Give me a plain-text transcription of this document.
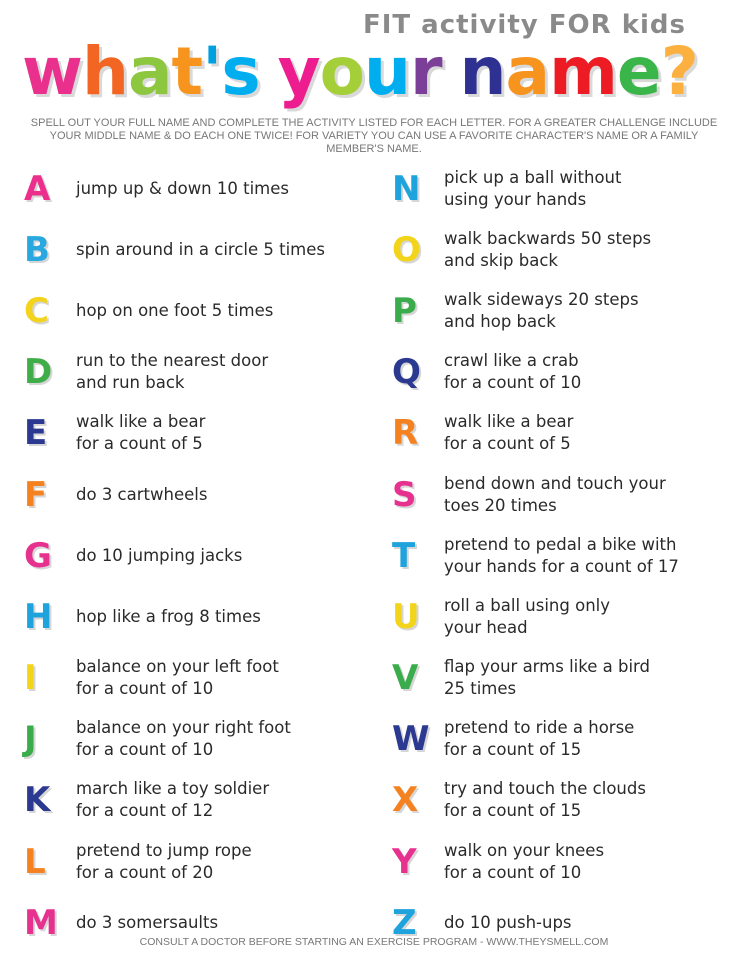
FIT activity FOR kids
what's your name?
SPELL OUT YOUR FULL NAME AND COMPLETE THE ACTIVITY LISTED FOR EACH LETTER. FOR A GREATER CHALLENGE INCLUDE YOUR MIDDLE NAME & DO EACH ONE TWICE! FOR VARIETY YOU CAN USE A FAVORITE CHARACTER'S NAME OR A FAMILY MEMBER'S NAME.
A	jump up & down 10 times
B	spin around in a circle 5 times
C	hop on one foot 5 times
D	run to the nearest door
and run back
E	walk like a bear
for a count of 5
F	do 3 cartwheels
G	do 10 jumping jacks
H	hop like a frog 8 times
I	balance on your left foot
for a count of 10
J	balance on your right foot
for a count of 10
K	march like a toy soldier
for a count of 12
L	pretend to jump rope
for a count of 20
M	do 3 somersaults
N	pick up a ball without
using your hands
O	walk backwards 50 steps
and skip back
P	walk sideways 20 steps
and hop back
Q	crawl like a crab
for a count of 10
R	walk like a bear
for a count of 5
S	bend down and touch your
toes 20 times
T	pretend to pedal a bike with
your hands for a count of 17
U	roll a ball using only
your head
V	flap your arms like a bird
25 times
W pretend to ride a horse
for a count of 15
X	try and touch the clouds
for a count of 15
Y	walk on your knees
for a count of 10
Z	do 10 push-ups
CONSULT A DOCTOR BEFORE STARTING AN EXERCISE PROGRAM - WWW.THEYSMELL.COM
